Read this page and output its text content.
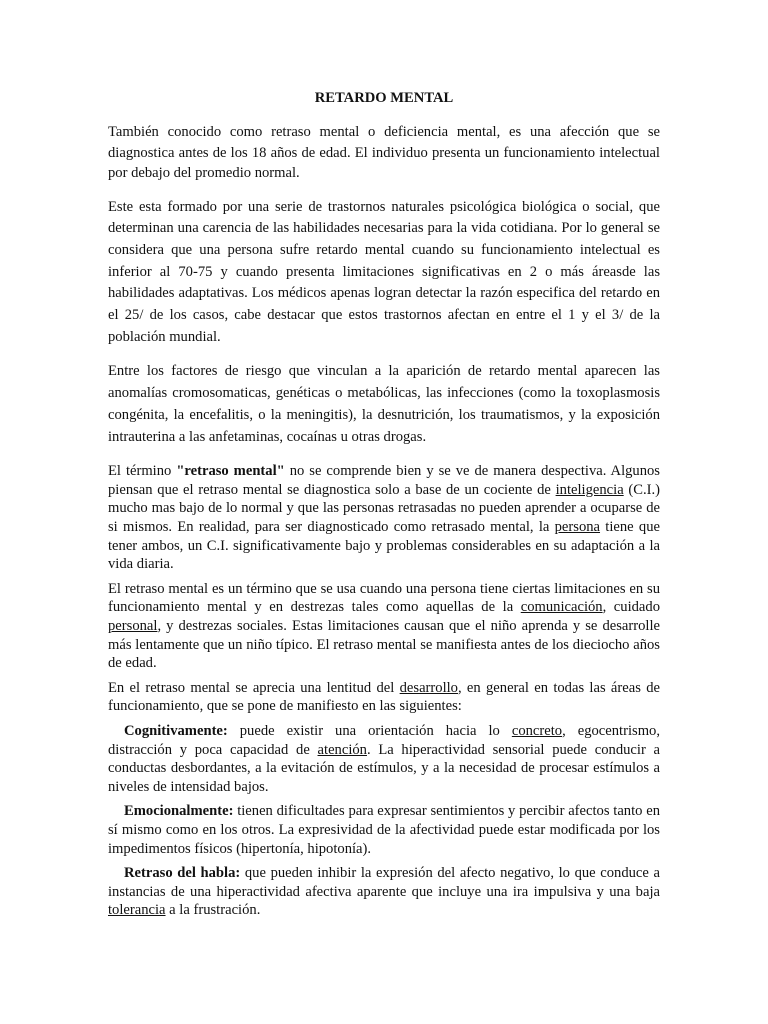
RETARDO MENTAL

También conocido como retraso mental o deficiencia mental, es una afección que se diagnostica antes de los 18 años de edad. El individuo presenta un funcionamiento intelectual por debajo del promedio normal.

Este esta formado por una serie de trastornos naturales psicológica biológica o social, que determinan una carencia de las habilidades necesarias para la vida cotidiana. Por lo general se considera que una persona sufre retardo mental cuando su funcionamiento intelectual es inferior al 70-75 y cuando presenta limitaciones significativas en 2 o más áreasde las habilidades adaptativas. Los médicos apenas logran detectar la razón especifica del retardo en el 25/ de los casos, cabe destacar que estos trastornos afectan en entre el 1 y el 3/ de la población mundial.

Entre los factores de riesgo que vinculan a la aparición de retardo mental aparecen las anomalías cromosomaticas, genéticas o metabólicas, las infecciones (como la toxoplasmosis congénita, la encefalitis, o la meningitis), la desnutrición, los traumatismos, y la exposición intrauterina a las anfetaminas, cocaínas u otras drogas.

El término "retraso mental" no se comprende bien y se ve de manera despectiva. Algunos piensan que el retraso mental se diagnostica solo a base de un cociente de inteligencia (C.I.) mucho mas bajo de lo normal y que las personas retrasadas no pueden aprender a ocuparse de si mismos. En realidad, para ser diagnosticado como retrasado mental, la persona tiene que tener ambos, un C.I. significativamente bajo y problemas considerables en su adaptación a la vida diaria.

El retraso mental es un término que se usa cuando una persona tiene ciertas limitaciones en su funcionamiento mental y en destrezas tales como aquellas de la comunicación, cuidado personal, y destrezas sociales. Estas limitaciones causan que el niño aprenda y se desarrolle más lentamente que un niño típico. El retraso mental se manifiesta antes de los dieciocho años de edad.

En el retraso mental se aprecia una lentitud del desarrollo, en general en todas las áreas de funcionamiento, que se pone de manifiesto en las siguientes:

Cognitivamente: puede existir una orientación hacia lo concreto, egocentrismo, distracción y poca capacidad de atención. La hiperactividad sensorial puede conducir a conductas desbordantes, a la evitación de estímulos, y a la necesidad de procesar estímulos a niveles de intensidad bajos.

Emocionalmente: tienen dificultades para expresar sentimientos y percibir afectos tanto en sí mismo como en los otros. La expresividad de la afectividad puede estar modificada por los impedimentos físicos (hipertonía, hipotonía).

Retraso del habla: que pueden inhibir la expresión del afecto negativo, lo que conduce a instancias de una hiperactividad afectiva aparente que incluye una ira impulsiva y una baja tolerancia a la frustración.
